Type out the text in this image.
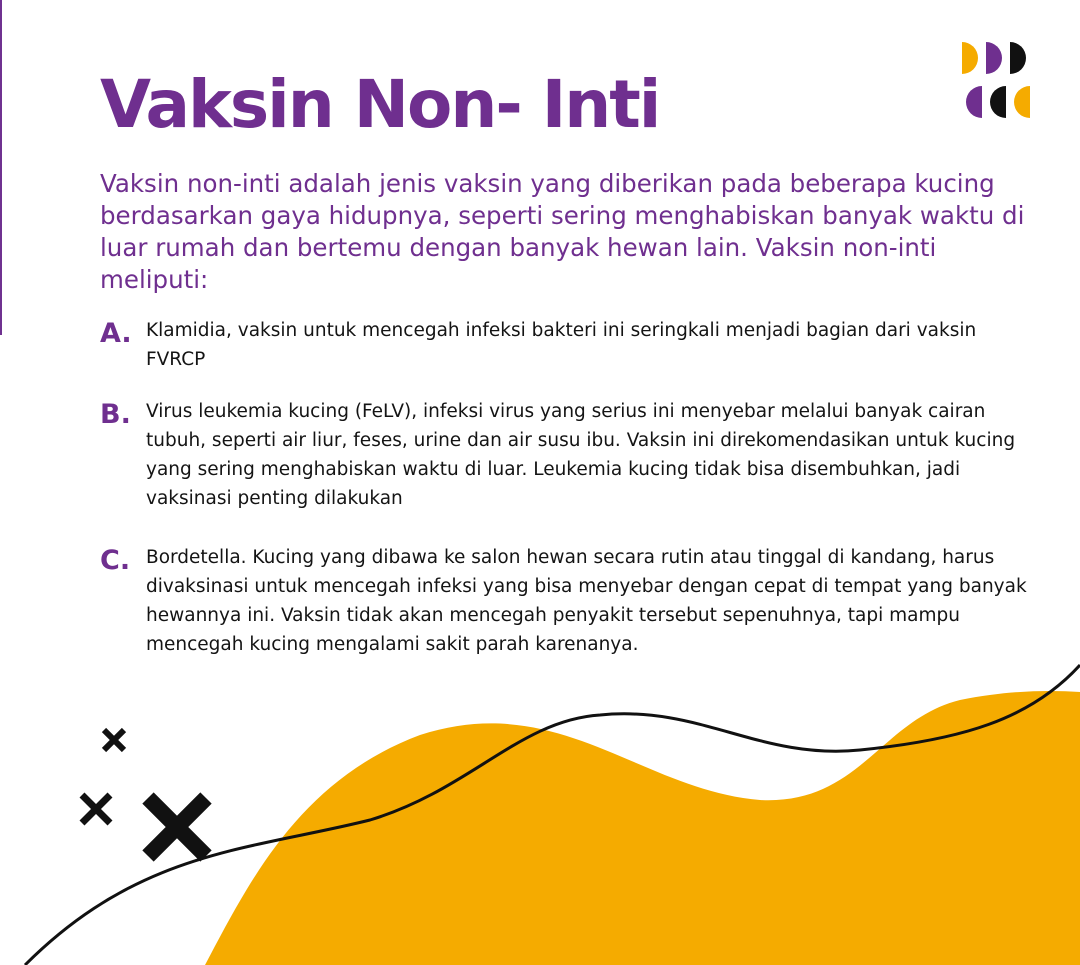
Vaksin Non- Inti

Vaksin non-inti adalah jenis vaksin yang diberikan pada beberapa kucing berdasarkan gaya hidupnya, seperti sering menghabiskan banyak waktu di luar rumah dan bertemu dengan banyak hewan lain. Vaksin non-inti meliputi:

A. Klamidia, vaksin untuk mencegah infeksi bakteri ini seringkali menjadi bagian dari vaksin FVRCP

B. Virus leukemia kucing (FeLV), infeksi virus yang serius ini menyebar melalui banyak cairan tubuh, seperti air liur, feses, urine dan air susu ibu. Vaksin ini direkomendasikan untuk kucing yang sering menghabiskan waktu di luar. Leukemia kucing tidak bisa disembuhkan, jadi vaksinasi penting dilakukan

C. Bordetella. Kucing yang dibawa ke salon hewan secara rutin atau tinggal di kandang, harus divaksinasi untuk mencegah infeksi yang bisa menyebar dengan cepat di tempat yang banyak hewannya ini. Vaksin tidak akan mencegah penyakit tersebut sepenuhnya, tapi mampu mencegah kucing mengalami sakit parah karenanya.
